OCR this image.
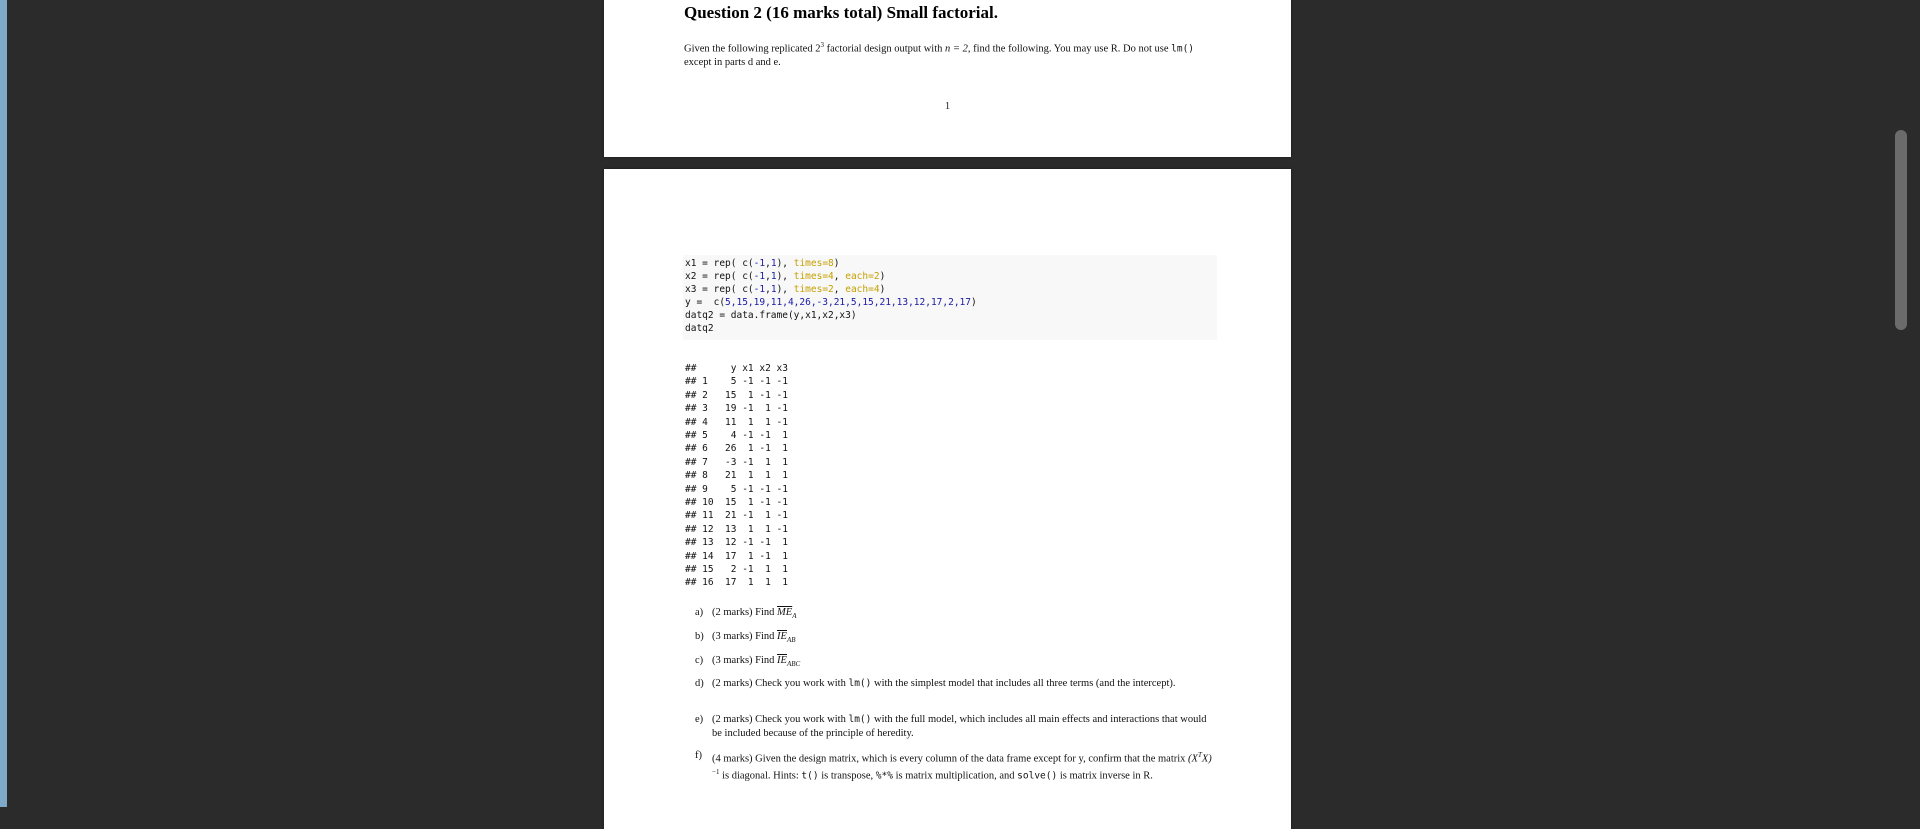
Question 2 (16 marks total) Small factorial.
Given the following replicated $2^3$ factorial design output with n = 2, find the following. You may use R. Do not use lm() except in parts d and e.
1
x1 = rep( c(-1,1), times=8)
x2 = rep( c(-1,1), times=4, each=2)
x3 = rep( c(-1,1), times=2, each=4)
y =  c(5,15,19,11,4,26,-3,21,5,15,21,13,12,17,2,17)
datq2 = data.frame(y,x1,x2,x3)
datq2
##      y x1 x2 x3
## 1    5 -1 -1 -1
## 2   15  1 -1 -1
## 3   19 -1  1 -1
## 4   11  1  1 -1
## 5    4 -1 -1  1
## 6   26  1 -1  1
## 7   -3 -1  1  1
## 8   21  1  1  1
## 9    5 -1 -1 -1
## 10  15  1 -1 -1
## 11  21 -1  1 -1
## 12  13  1  1 -1
## 13  12 -1 -1  1
## 14  17  1 -1  1
## 15   2 -1  1  1
## 16  17  1  1  1
a) (2 marks) Find $\overline{ME}_A$
b) (3 marks) Find $\overline{IE}_{AB}$
c) (3 marks) Find $\overline{IE}_{ABC}$
d) (2 marks) Check you work with lm() with the simplest model that includes all three terms (and the intercept).
e) (2 marks) Check you work with lm() with the full model, which includes all main effects and interactions that would be included because of the principle of heredity.
f) (4 marks) Given the design matrix, which is every column of the data frame except for y, confirm that the matrix $(X^TX)^{-1}$ is diagonal. Hints: t() is transpose, %*% is matrix multiplication, and solve() is matrix inverse in R.
